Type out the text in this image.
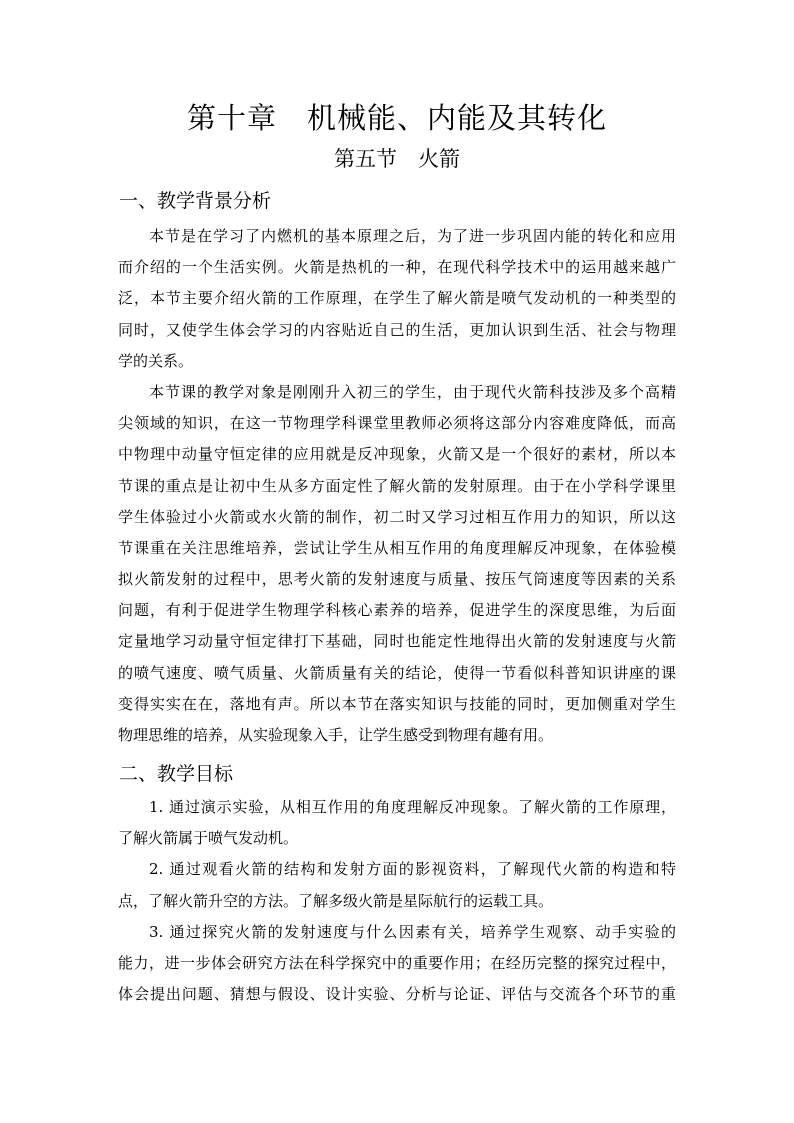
第十章　机械能、内能及其转化
第五节　火箭
一、教学背景分析
本节是在学习了内燃机的基本原理之后，为了进一步巩固内能的转化和应用
而介绍的一个生活实例。火箭是热机的一种，在现代科学技术中的运用越来越广
泛，本节主要介绍火箭的工作原理，在学生了解火箭是喷气发动机的一种类型的
同时，又使学生体会学习的内容贴近自己的生活，更加认识到生活、社会与物理
学的关系。
本节课的教学对象是刚刚升入初三的学生，由于现代火箭科技涉及多个高精
尖领域的知识，在这一节物理学科课堂里教师必须将这部分内容难度降低，而高
中物理中动量守恒定律的应用就是反冲现象，火箭又是一个很好的素材，所以本
节课的重点是让初中生从多方面定性了解火箭的发射原理。由于在小学科学课里
学生体验过小火箭或水火箭的制作，初二时又学习过相互作用力的知识，所以这
节课重在关注思维培养，尝试让学生从相互作用的角度理解反冲现象，在体验模
拟火箭发射的过程中，思考火箭的发射速度与质量、按压气筒速度等因素的关系
问题，有利于促进学生物理学科核心素养的培养，促进学生的深度思维，为后面
定量地学习动量守恒定律打下基础，同时也能定性地得出火箭的发射速度与火箭
的喷气速度、喷气质量、火箭质量有关的结论，使得一节看似科普知识讲座的课
变得实实在在，落地有声。所以本节在落实知识与技能的同时，更加侧重对学生
物理思维的培养，从实验现象入手，让学生感受到物理有趣有用。
二、教学目标
1. 通过演示实验，从相互作用的角度理解反冲现象。了解火箭的工作原理，
了解火箭属于喷气发动机。
2. 通过观看火箭的结构和发射方面的影视资料，了解现代火箭的构造和特
点，了解火箭升空的方法。了解多级火箭是星际航行的运载工具。
3. 通过探究火箭的发射速度与什么因素有关，培养学生观察、动手实验的
能力，进一步体会研究方法在科学探究中的重要作用；在经历完整的探究过程中，
体会提出问题、猜想与假设、设计实验、分析与论证、评估与交流各个环节的重
